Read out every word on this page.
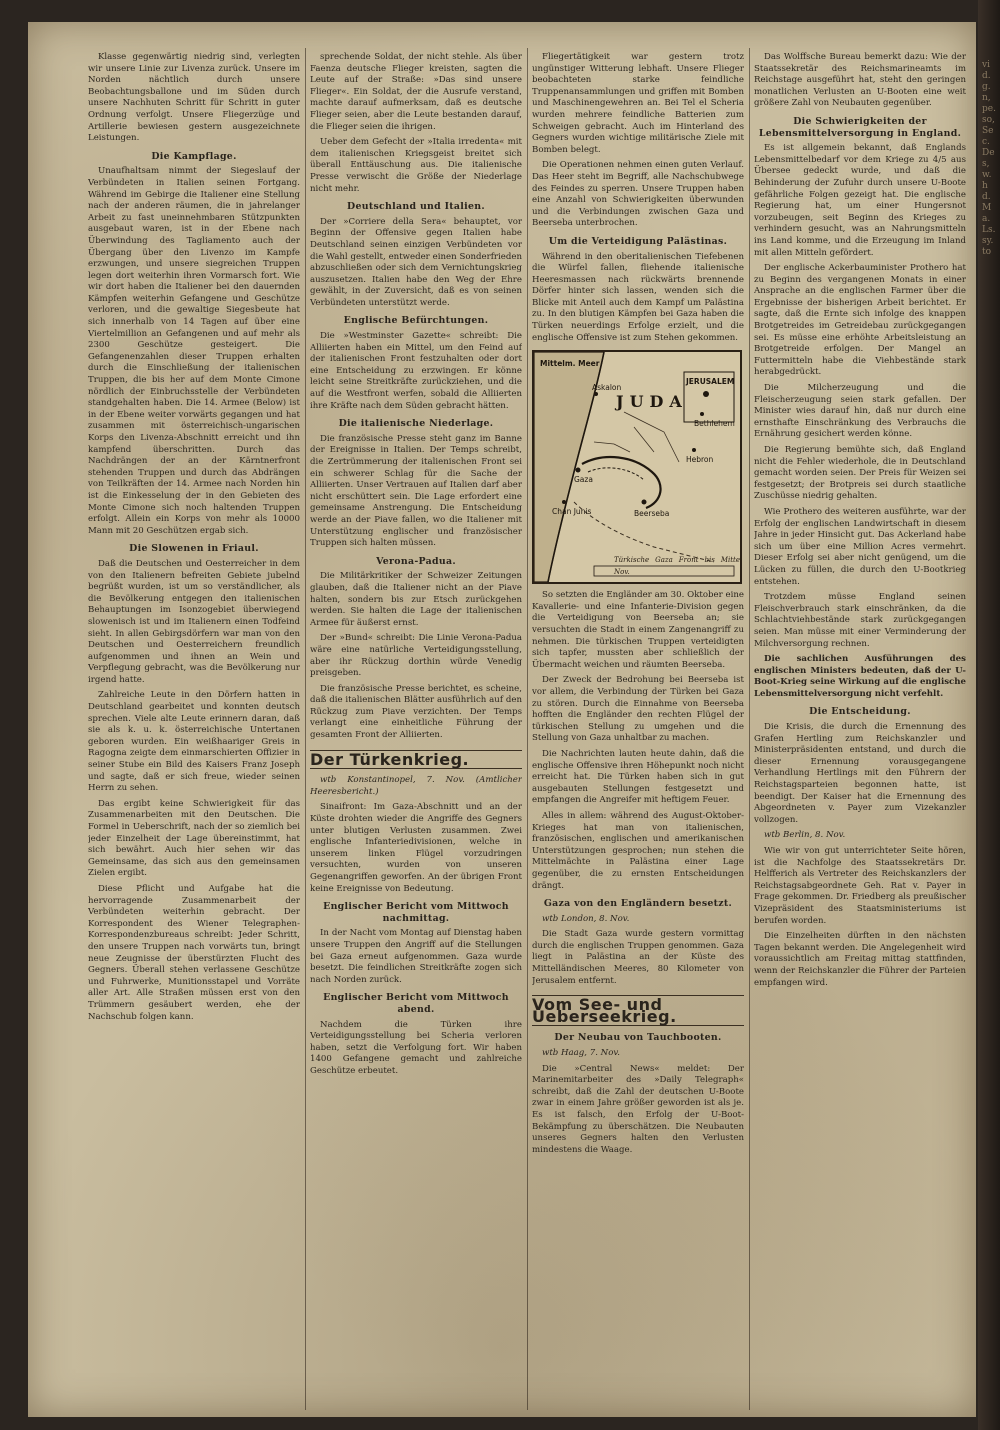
Klasse gegenwärtig niedrig sind, verlegten wir unsere Linie zur Livenza zurück. Unsere im Norden nächtlich durch unsere Beobachtungsballone und im Süden durch unsere Nachhuten Schritt für Schritt in guter Ordnung verfolgt. Unsere Fliegerzüge und Artillerie bewiesen gestern ausgezeichnete Leistungen.

Die Kampflage.

Unaufhaltsam nimmt der Siegeslauf der Verbündeten in Italien seinen Fortgang. Während im Gebirge die Italiener eine Stellung nach der anderen räumen, die in jahrelanger Arbeit zu fast uneinnehmbaren Stützpunkten ausgebaut waren, ist in der Ebene nach Überwindung des Tagliamento auch der Übergang über den Livenzo im Kampfe erzwungen, und unsere siegreichen Truppen legen dort weiterhin ihren Vormarsch fort. Wie wir dort haben die Italiener bei den dauernden Kämpfen weiterhin Gefangene und Geschütze verloren, und die gewaltige Siegesbeute hat sich innerhalb von 14 Tagen auf über eine Viertelmillion an Gefangenen und auf mehr als 2300 Geschütze gesteigert. Die Gefangenenzahlen dieser Truppen erhalten durch die Einschließung der italienischen Truppen, die bis her auf dem Monte Cimone nördlich der Einbruchsstelle der Verbündeten standgehalten haben. Die 14. Armee (Below) ist in der Ebene weiter vorwärts gegangen und hat zusammen mit österreichisch-ungarischen Korps den Livenza-Abschnitt erreicht und ihn kampfend überschritten. Durch das Nachdrängen der an der Kärntnerfront stehenden Truppen und durch das Abdrängen von Teilkräften der 14. Armee nach Norden hin ist die Einkesselung der in den Gebieten des Monte Cimone sich noch haltenden Truppen erfolgt. Allein ein Korps von mehr als 10000 Mann mit 20 Geschützen ergab sich.

Die Slowenen in Friaul.

Daß die Deutschen und Oesterreicher in dem von den Italienern befreiten Gebiete jubelnd begrüßt wurden, ist um so verständlicher, als die Bevölkerung entgegen den italienischen Behauptungen im Isonzogebiet überwiegend slowenisch ist und im Italienern einen Todfeind sieht. In allen Gebirgsdörfern war man von den Deutschen und Oesterreichern freundlich aufgenommen und ihnen an Wein und Verpflegung gebracht, was die Bevölkerung nur irgend hatte.

Zahlreiche Leute in den Dörfern hatten in Deutschland gearbeitet und konnten deutsch sprechen. Viele alte Leute erinnern daran, daß sie als k. u. k. österreichische Untertanen geboren wurden. Ein weißhaariger Greis in Ragogna zeigte dem einmarschierten Offizier in seiner Stube ein Bild des Kaisers Franz Joseph und sagte, daß er sich freue, wieder seinen Herrn zu sehen.

Das ergibt keine Schwierigkeit für das Zusammenarbeiten mit den Deutschen. Die Formel in Ueberschrift, nach der so ziemlich bei jeder Einzelheit der Lage übereinstimmt, hat sich bewährt. Auch hier sehen wir das Gemeinsame, das sich aus den gemeinsamen Zielen ergibt.

Diese Pflicht und Aufgabe hat die hervorragende Zusammenarbeit der Verbündeten weiterhin gebracht. Der Korrespondent des Wiener Telegraphen-Korrespondenzbureaus schreibt: Jeder Schritt, den unsere Truppen nach vorwärts tun, bringt neue Zeugnisse der überstürzten Flucht des Gegners. Überall stehen verlassene Geschütze und Fuhrwerke, Munitionsstapel und Vorräte aller Art. Alle Straßen müssen erst von den Trümmern gesäubert werden, ehe der Nachschub folgen kann.

sprechende Soldat, der nicht stehle. Als über Faenza deutsche Flieger kreisten, sagten die Leute auf der Straße: »Das sind unsere Flieger«. Ein Soldat, der die Ausrufe verstand, machte darauf aufmerksam, daß es deutsche Flieger seien, aber die Leute bestanden darauf, die Flieger seien die ihrigen.

Ueber dem Gefecht der »Italia irredenta« mit dem italienischen Kriegsgeist breitet sich überall Enttäuschung aus. Die italienische Presse verwischt die Größe der Niederlage nicht mehr.

Deutschland und Italien.

Der »Corriere della Sera« behauptet, vor Beginn der Offensive gegen Italien habe Deutschland seinen einzigen Verbündeten vor die Wahl gestellt, entweder einen Sonderfrieden abzuschließen oder sich dem Vernichtungskrieg auszusetzen. Italien habe den Weg der Ehre gewählt, in der Zuversicht, daß es von seinen Verbündeten unterstützt werde.

Englische Befürchtungen.

Die »Westminster Gazette« schreibt: Die Alliierten haben ein Mittel, um den Feind auf der italienischen Front festzuhalten oder dort eine Entscheidung zu erzwingen. Er könne leicht seine Streitkräfte zurückziehen, und die auf die Westfront werfen, sobald die Alliierten ihre Kräfte nach dem Süden gebracht hätten.

Die italienische Niederlage.

Die französische Presse steht ganz im Banne der Ereignisse in Italien. Der Temps schreibt, die Zertrümmerung der italienischen Front sei ein schwerer Schlag für die Sache der Alliierten. Unser Vertrauen auf Italien darf aber nicht erschüttert sein. Die Lage erfordert eine gemeinsame Anstrengung. Die Entscheidung werde an der Piave fallen, wo die Italiener mit Unterstützung englischer und französischer Truppen sich halten müssen.

Verona-Padua.

Die Militärkritiker der Schweizer Zeitungen glauben, daß die Italiener nicht an der Piave halten, sondern bis zur Etsch zurückgehen werden. Sie halten die Lage der italienischen Armee für äußerst ernst.

Der »Bund« schreibt: Die Linie Verona-Padua wäre eine natürliche Verteidigungsstellung, aber ihr Rückzug dorthin würde Venedig preisgeben.

Die französische Presse berichtet, es scheine, daß die italienischen Blätter ausführlich auf den Rückzug zum Piave verzichten. Der Temps verlangt eine einheitliche Führung der gesamten Front der Alliierten.

Der Türkenkrieg.

wtb Konstantinopel, 7. Nov. (Amtlicher Heeresbericht.)

Sinaifront: Im Gaza-Abschnitt und an der Küste drohten wieder die Angriffe des Gegners unter blutigen Verlusten zusammen. Zwei englische Infanteriedivisionen, welche in unserem linken Flügel vorzudringen versuchten, wurden von unseren Gegenangriffen geworfen. An der übrigen Front keine Ereignisse von Bedeutung.

Englischer Bericht vom Mittwoch nachmittag.

In der Nacht vom Montag auf Dienstag haben unsere Truppen den Angriff auf die Stellungen bei Gaza erneut aufgenommen. Gaza wurde besetzt. Die feindlichen Streitkräfte zogen sich nach Norden zurück.

Englischer Bericht vom Mittwoch abend.

Nachdem die Türken ihre Verteidigungsstellung bei Scheria verloren haben, setzt die Verfolgung fort. Wir haben 1400 Gefangene gemacht und zahlreiche Geschütze erbeutet.

Fliegertätigkeit war gestern trotz ungünstiger Witterung lebhaft. Unsere Flieger beobachteten starke feindliche Truppenansammlungen und griffen mit Bomben und Maschinengewehren an. Bei Tel el Scheria wurden mehrere feindliche Batterien zum Schweigen gebracht. Auch im Hinterland des Gegners wurden wichtige militärische Ziele mit Bomben belegt.

Die Operationen nehmen einen guten Verlauf. Das Heer steht im Begriff, alle Nachschubwege des Feindes zu sperren. Unsere Truppen haben eine Anzahl von Schwierigkeiten überwunden und die Verbindungen zwischen Gaza und Beerseba unterbrochen.

Um die Verteidigung Palästinas.

Während in den oberitalienischen Tiefebenen die Würfel fallen, fliehende italienische Heeresmassen nach rückwärts brennende Dörfer hinter sich lassen, wenden sich die Blicke mit Anteil auch dem Kampf um Palästina zu. In den blutigen Kämpfen bei Gaza haben die Türken neuerdings Erfolge erzielt, und die englische Offensive ist zum Stehen gekommen.

Mittelm. Meer
Askalon
JERUSALEM
Bethlehem
Hebron
Gaza
Beerseba
Chan Junis
JUDA
Türkische Gaza Front bis Mitte Nov.

So setzten die Engländer am 30. Oktober eine Kavallerie- und eine Infanterie-Division gegen die Verteidigung von Beerseba an; sie versuchten die Stadt in einem Zangenangriff zu nehmen. Die türkischen Truppen verteidigten sich tapfer, mussten aber schließlich der Übermacht weichen und räumten Beerseba.

Der Zweck der Bedrohung bei Beerseba ist vor allem, die Verbindung der Türken bei Gaza zu stören. Durch die Einnahme von Beerseba hofften die Engländer den rechten Flügel der türkischen Stellung zu umgehen und die Stellung von Gaza unhaltbar zu machen.

Die Nachrichten lauten heute dahin, daß die englische Offensive ihren Höhepunkt noch nicht erreicht hat. Die Türken haben sich in gut ausgebauten Stellungen festgesetzt und empfangen die Angreifer mit heftigem Feuer.

Alles in allem: während des August-Oktober-Krieges hat man von italienischen, französischen, englischen und amerikanischen Unterstützungen gesprochen; nun stehen die Mittelmächte in Palästina einer Lage gegenüber, die zu ernsten Entscheidungen drängt.

Gaza von den Engländern besetzt.

wtb London, 8. Nov.

Die Stadt Gaza wurde gestern vormittag durch die englischen Truppen genommen. Gaza liegt in Palästina an der Küste des Mittelländischen Meeres, 80 Kilometer von Jerusalem entfernt.

Vom See- und Ueberseekrieg.
Der Neubau von Tauchbooten.

wtb Haag, 7. Nov.

Die »Central News« meldet: Der Marinemitarbeiter des »Daily Telegraph« schreibt, daß die Zahl der deutschen U-Boote zwar in einem Jahre größer geworden ist als je. Es ist falsch, den Erfolg der U-Boot-Bekämpfung zu überschätzen. Die Neubauten unseres Gegners halten den Verlusten mindestens die Waage.

Das Wolffsche Bureau bemerkt dazu: Wie der Staatssekretär des Reichsmarineamts im Reichstage ausgeführt hat, steht den geringen monatlichen Verlusten an U-Booten eine weit größere Zahl von Neubauten gegenüber.

Die Schwierigkeiten der Lebensmittelversorgung in England.

Es ist allgemein bekannt, daß Englands Lebensmittelbedarf vor dem Kriege zu 4/5 aus Übersee gedeckt wurde, und daß die Behinderung der Zufuhr durch unsere U-Boote gefährliche Folgen gezeigt hat. Die englische Regierung hat, um einer Hungersnot vorzubeugen, seit Beginn des Krieges zu verhindern gesucht, was an Nahrungsmitteln ins Land komme, und die Erzeugung im Inland mit allen Mitteln gefördert.

Der englische Ackerbauminister Prothero hat zu Beginn des vergangenen Monats in einer Ansprache an die englischen Farmer über die Ergebnisse der bisherigen Arbeit berichtet. Er sagte, daß die Ernte sich infolge des knappen Brotgetreides im Getreidebau zurückgegangen sei. Es müsse eine erhöhte Arbeitsleistung an Brotgetreide erfolgen. Der Mangel an Futtermitteln habe die Viehbestände stark herabgedrückt.

Die Milcherzeugung und die Fleischerzeugung seien stark gefallen. Der Minister wies darauf hin, daß nur durch eine ernsthafte Einschränkung des Verbrauchs die Ernährung gesichert werden könne.

Die Regierung bemühte sich, daß England nicht die Fehler wiederhole, die in Deutschland gemacht worden seien. Der Preis für Weizen sei festgesetzt; der Brotpreis sei durch staatliche Zuschüsse niedrig gehalten.

Wie Prothero des weiteren ausführte, war der Erfolg der englischen Landwirtschaft in diesem Jahre in jeder Hinsicht gut. Das Ackerland habe sich um über eine Million Acres vermehrt. Dieser Erfolg sei aber nicht genügend, um die Lücken zu füllen, die durch den U-Bootkrieg entstehen.

Trotzdem müsse England seinen Fleischverbrauch stark einschränken, da die Schlachtviehbestände stark zurückgegangen seien. Man müsse mit einer Verminderung der Milchversorgung rechnen.

Die sachlichen Ausführungen des englischen Ministers bedeuten, daß der U-Boot-Krieg seine Wirkung auf die englische Lebensmittelversorgung nicht verfehlt.

Die Entscheidung.

Die Krisis, die durch die Ernennung des Grafen Hertling zum Reichskanzler und Ministerpräsidenten entstand, und durch die dieser Ernennung vorausgegangene Verhandlung Hertlings mit den Führern der Reichstagsparteien begonnen hatte, ist beendigt. Der Kaiser hat die Ernennung des Abgeordneten v. Payer zum Vizekanzler vollzogen.

wtb Berlin, 8. Nov.

Wie wir von gut unterrichteter Seite hören, ist die Nachfolge des Staatssekretärs Dr. Helfferich als Vertreter des Reichskanzlers der Reichstagsabgeordnete Geh. Rat v. Payer in Frage gekommen. Dr. Friedberg als preußischer Vizepräsident des Staatsministeriums ist berufen worden.

Die Einzelheiten dürften in den nächsten Tagen bekannt werden. Die Angelegenheit wird voraussichtlich am Freitag mittag stattfinden, wenn der Reichskanzler die Führer der Parteien empfangen wird.

vid.g.n,pe.so,Sec.Des,w.hd.Ma.Ls.sy.to
